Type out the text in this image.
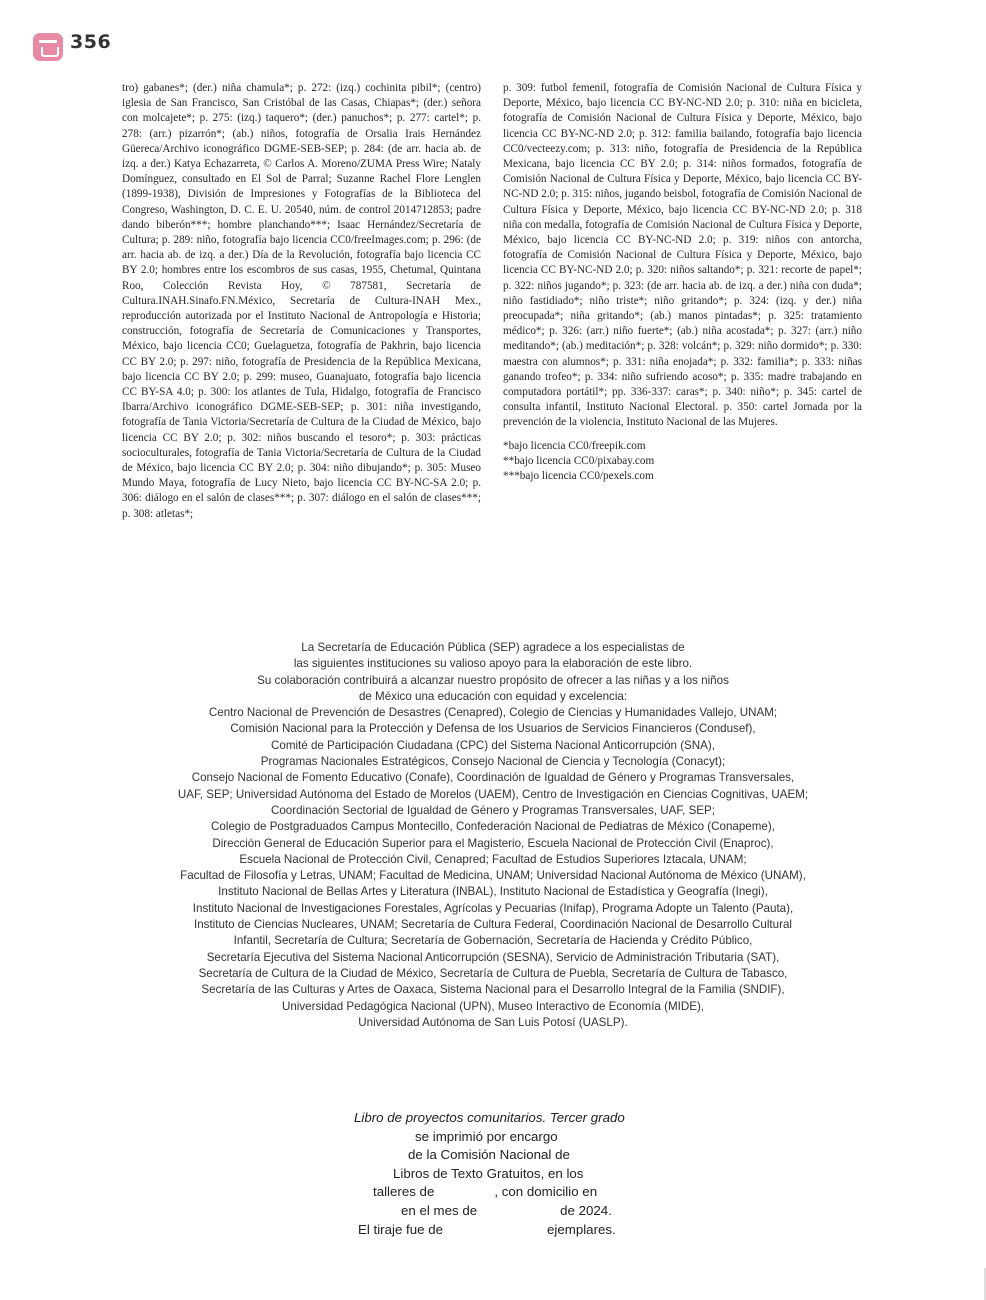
356

tro) gabanes*; (der.) niña chamula*; p. 272: (izq.) cochinita pibil*; (centro) iglesia de San Francisco, San Cristóbal de las Casas, Chiapas*; (der.) señora con molcajete*; p. 275: (izq.) taquero*; (der.) panuchos*; p. 277: cartel*; p. 278: (arr.) pizarrón*; (ab.) niños, fotografía de Orsalia Irais Hernández Güereca/Archivo iconográfico DGME-SEB-SEP; p. 284: (de arr. hacia ab. de izq. a der.) Katya Echazarreta, © Carlos A. Moreno/ZUMA Press Wire; Nataly Domínguez, consultado en El Sol de Parral; Suzanne Rachel Flore Lenglen (1899-1938), División de Impresiones y Fotografías de la Biblioteca del Congreso, Washington, D. C. E. U. 20540, núm. de control 2014712853; padre dando biberón***; hombre planchando***; Isaac Hernández/Secretaría de Cultura; p. 289: niño, fotografía bajo licencia CC0/freeImages.com; p. 296: (de arr. hacia ab. de izq. a der.) Día de la Revolución, fotografía bajo licencia CC BY 2.0; hombres entre los escombros de sus casas, 1955, Chetumal, Quintana Roo, Colección Revista Hoy, © 787581, Secretaría de Cultura.INAH.Sinafo.FN.México, Secretaría de Cultura-INAH Mex., reproducción autorizada por el Instituto Nacional de Antropología e Historia; construcción, fotografía de Secretaría de Comunicaciones y Transportes, México, bajo licencia CC0; Guelaguetza, fotografía de Pakhrin, bajo licencia CC BY 2.0; p. 297: niño, fotografía de Presidencia de la República Mexicana, bajo licencia CC BY 2.0; p. 299: museo, Guanajuato, fotografía bajo licencia CC BY-SA 4.0; p. 300: los atlantes de Tula, Hidalgo, fotografía de Francisco Ibarra/Archivo iconográfico DGME-SEB-SEP; p. 301: niña investigando, fotografía de Tania Victoria/Secretaría de Cultura de la Ciudad de México, bajo licencia CC BY 2.0; p. 302: niños buscando el tesoro*; p. 303: prácticas socioculturales, fotografía de Tania Victoria/Secretaría de Cultura de la Ciudad de México, bajo licencia CC BY 2.0; p. 304: niño dibujando*; p. 305: Museo Mundo Maya, fotografía de Lucy Nieto, bajo licencia CC BY-NC-SA 2.0; p. 306: diálogo en el salón de clases***; p. 307: diálogo en el salón de clases***; p. 308: atletas*;

p. 309: futbol femenil, fotografía de Comisión Nacional de Cultura Física y Deporte, México, bajo licencia CC BY-NC-ND 2.0; p. 310: niña en bicicleta, fotografía de Comisión Nacional de Cultura Física y Deporte, México, bajo licencia CC BY-NC-ND 2.0; p. 312: familia bailando, fotografía bajo licencia CC0/vecteezy.com; p. 313: niño, fotografía de Presidencia de la República Mexicana, bajo licencia CC BY 2.0; p. 314: niños formados, fotografía de Comisión Nacional de Cultura Física y Deporte, México, bajo licencia CC BY-NC-ND 2.0; p. 315: niños, jugando beisbol, fotografía de Comisión Nacional de Cultura Física y Deporte, México, bajo licencia CC BY-NC-ND 2.0; p. 318 niña con medalla, fotografía de Comisión Nacional de Cultura Física y Deporte, México, bajo licencia CC BY-NC-ND 2.0; p. 319: niños con antorcha, fotografía de Comisión Nacional de Cultura Física y Deporte, México, bajo licencia CC BY-NC-ND 2.0; p. 320: niños saltando*; p. 321: recorte de papel*; p. 322: niños jugando*; p. 323: (de arr. hacia ab. de izq. a der.) niña con duda*; niño fastidiado*; niño triste*; niño gritando*; p. 324: (izq. y der.) niña preocupada*; niña gritando*; (ab.) manos pintadas*; p. 325: tratamiento médico*; p. 326: (arr.) niño fuerte*; (ab.) niña acostada*; p. 327: (arr.) niño meditando*; (ab.) meditación*; p. 328: volcán*; p. 329: niño dormido*; p. 330: maestra con alumnos*; p. 331: niña enojada*; p. 332: familia*; p. 333: niñas ganando trofeo*; p. 334: niño sufriendo acoso*; p. 335: madre trabajando en computadora portátil*; pp. 336-337: caras*; p. 340: niño*; p. 345: cartel de consulta infantil, Instituto Nacional Electoral. p. 350: cartel Jornada por la prevención de la violencia, Instituto Nacional de las Mujeres.

*bajo licencia CC0/freepik.com
**bajo licencia CC0/pixabay.com
***bajo licencia CC0/pexels.com

La Secretaría de Educación Pública (SEP) agradece a los especialistas de
las siguientes instituciones su valioso apoyo para la elaboración de este libro.
Su colaboración contribuirá a alcanzar nuestro propósito de ofrecer a las niñas y a los niños
de México una educación con equidad y excelencia:
Centro Nacional de Prevención de Desastres (Cenapred), Colegio de Ciencias y Humanidades Vallejo, UNAM;
Comisión Nacional para la Protección y Defensa de los Usuarios de Servicios Financieros (Condusef),
Comité de Participación Ciudadana (CPC) del Sistema Nacional Anticorrupción (SNA),
Programas Nacionales Estratégicos, Consejo Nacional de Ciencia y Tecnología (Conacyt);
Consejo Nacional de Fomento Educativo (Conafe), Coordinación de Igualdad de Género y Programas Transversales,
UAF, SEP; Universidad Autónoma del Estado de Morelos (UAEM), Centro de Investigación en Ciencias Cognitivas, UAEM;
Coordinación Sectorial de Igualdad de Género y Programas Transversales, UAF, SEP;
Colegio de Postgraduados Campus Montecillo, Confederación Nacional de Pediatras de México (Conapeme),
Dirección General de Educación Superior para el Magisterio, Escuela Nacional de Protección Civil (Enaproc),
Escuela Nacional de Protección Civil, Cenapred; Facultad de Estudios Superiores Iztacala, UNAM;
Facultad de Filosofía y Letras, UNAM; Facultad de Medicina, UNAM; Universidad Nacional Autónoma de México (UNAM),
Instituto Nacional de Bellas Artes y Literatura (INBAL), Instituto Nacional de Estadística y Geografía (Inegi),
Instituto Nacional de Investigaciones Forestales, Agrícolas y Pecuarias (Inifap), Programa Adopte un Talento (Pauta),
Instituto de Ciencias Nucleares, UNAM; Secretaría de Cultura Federal, Coordinación Nacional de Desarrollo Cultural
Infantil, Secretaría de Cultura; Secretaría de Gobernación, Secretaría de Hacienda y Crédito Público,
Secretaría Ejecutiva del Sistema Nacional Anticorrupción (SESNA), Servicio de Administración Tributaria (SAT),
Secretaría de Cultura de la Ciudad de México, Secretaría de Cultura de Puebla, Secretaría de Cultura de Tabasco,
Secretaría de las Culturas y Artes de Oaxaca, Sistema Nacional para el Desarrollo Integral de la Familia (SNDIF),
Universidad Pedagógica Nacional (UPN), Museo Interactivo de Economía (MIDE),
Universidad Autónoma de San Luis Potosí (UASLP).
Libro de proyectos comunitarios. Tercer grado
se imprimió por encargo
de la Comisión Nacional de
Libros de Texto Gratuitos, en los
talleres de	, con domicilio en
en el mes de	de 2024.
El tiraje fue de	ejemplares.
